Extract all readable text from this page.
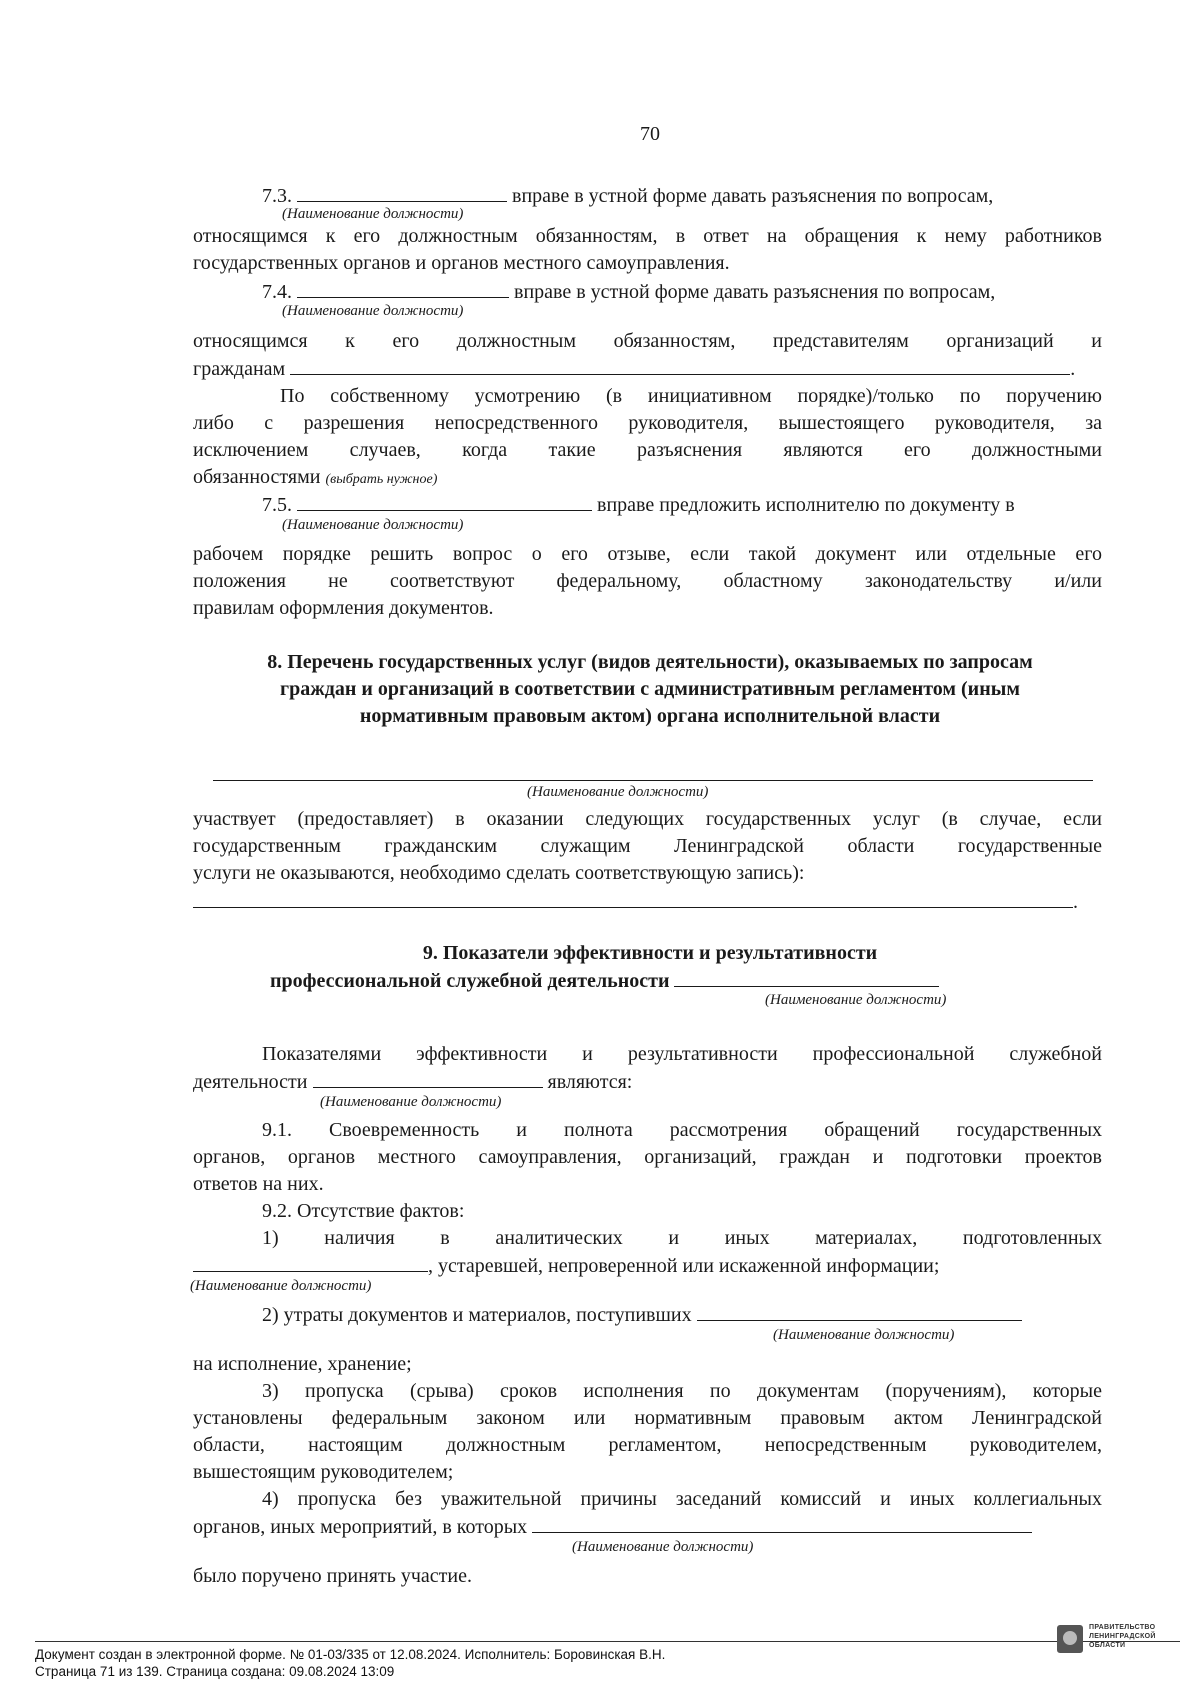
70
7.3.	вправе в устной форме давать разъяснения по вопросам,
(Наименование должности)
относящимся к его должностным обязанностям, в ответ на обращения к нему работников
государственных органов и органов местного самоуправления.
7.4.	вправе в устной форме давать разъяснения по вопросам,
(Наименование должности)
относящимся к его должностным обязанностям, представителям организаций и
гражданам	.
По собственному усмотрению (в инициативном порядке)/только по поручению
либо с разрешения непосредственного руководителя, вышестоящего руководителя, за
исключением случаев, когда такие разъяснения являются его должностными
обязанностями (выбрать нужное)
7.5.	вправе предложить исполнителю по документу в
(Наименование должности)
рабочем порядке решить вопрос о его отзыве, если такой документ или отдельные его
положения не соответствуют федеральному, областному законодательству и/или
правилам оформления документов.
8. Перечень государственных услуг (видов деятельности), оказываемых по запросам
граждан и организаций в соответствии с административным регламентом (иным
нормативным правовым актом) органа исполнительной власти
(Наименование должности)
участвует (предоставляет) в оказании следующих государственных услуг (в случае, если
государственным гражданским служащим Ленинградской области государственные
услуги не оказываются, необходимо сделать соответствующую запись):
.
9. Показатели эффективности и результативности
профессиональной служебной деятельности
(Наименование должности)
Показателями эффективности и результативности профессиональной служебной
деятельности	являются:
(Наименование должности)
9.1. Своевременность и полнота рассмотрения обращений государственных
органов, органов местного самоуправления, организаций, граждан и подготовки проектов
ответов на них.
9.2. Отсутствие фактов:
1) наличия в аналитических и иных материалах, подготовленных
, устаревшей, непроверенной или искаженной информации;
(Наименование должности)
2) утраты документов и материалов, поступивших
(Наименование должности)
на исполнение, хранение;
3) пропуска (срыва) сроков исполнения по документам (поручениям), которые
установлены федеральным законом или нормативным правовым актом Ленинградской
области, настоящим должностным регламентом, непосредственным руководителем,
вышестоящим руководителем;
4) пропуска без уважительной причины заседаний комиссий и иных коллегиальных
органов, иных мероприятий, в которых
(Наименование должности)
было поручено принять участие.
Документ создан в электронной форме. № 01-03/335 от 12.08.2024. Исполнитель: Боровинская В.Н.
Страница 71 из 139. Страница создана: 09.08.2024 13:09
ПРАВИТЕЛЬСТВО ЛЕНИНГРАДСКОЙ ОБЛАСТИ
